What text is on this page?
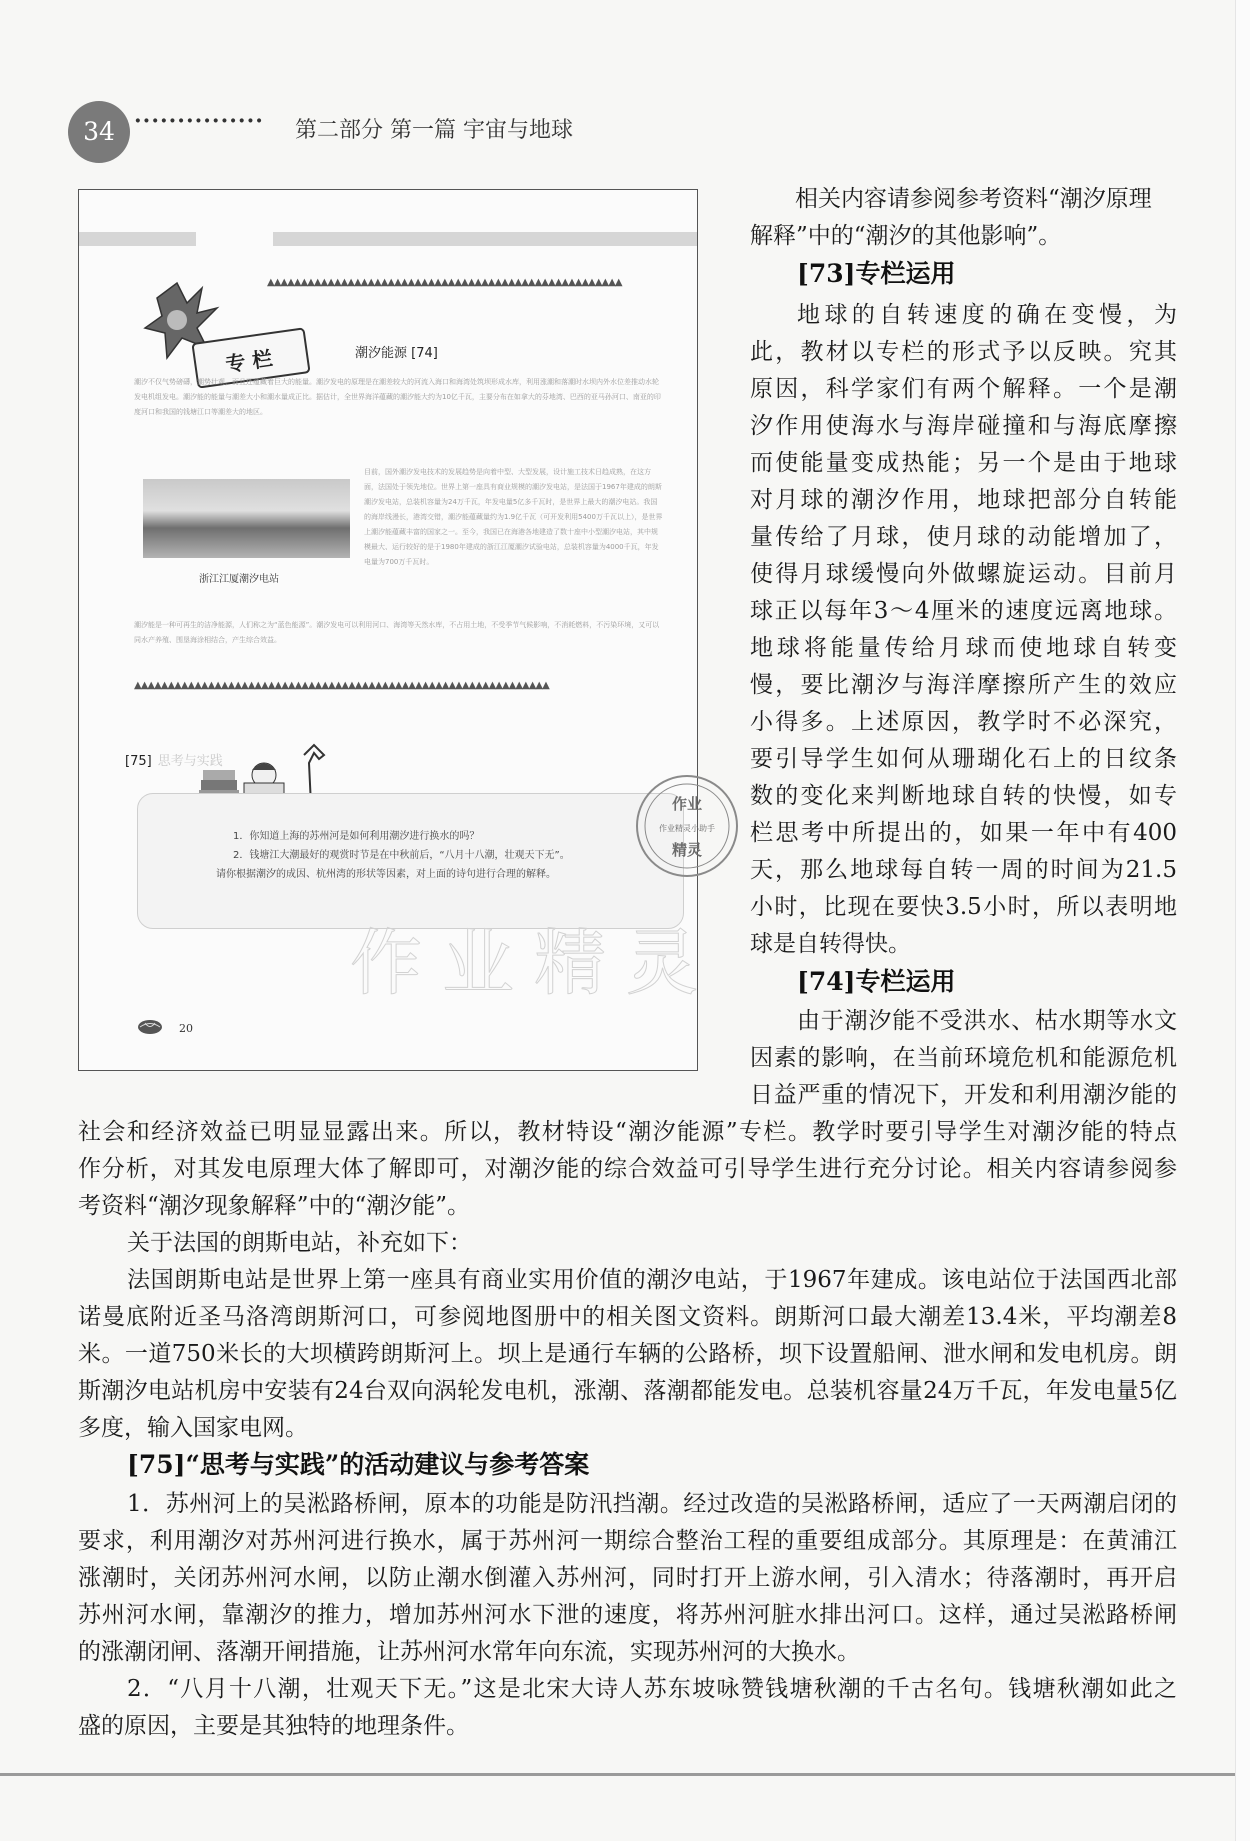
34 ··············· 第二部分 第一篇 宇宙与地球
专 栏
▲▲▲▲▲▲▲▲▲▲▲▲▲▲▲▲▲▲▲▲▲▲▲▲▲▲▲▲▲▲▲▲▲▲▲▲▲▲▲▲▲▲▲▲▲▲▲▲▲▲▲▲▲
潮汐能源 [74]
潮汐不仅气势磅礴，潮势壮观，而且还蕴藏着巨大的能量。潮汐发电的原理是在潮差较大的河流入海口和海湾处筑坝形成水库，利用涨潮和落潮时水坝内外水位差推动水轮发电机组发电。潮汐能的能量与潮差大小和潮水量成正比。据估计，全世界海洋蕴藏的潮汐能大约为10亿千瓦，主要分布在如拿大的芬地湾、巴西的亚马孙河口、南亚的印度河口和我国的钱塘江口等潮差大的地区。
目前，国外潮汐发电技术的发展趋势是向着中型、大型发展，设计施工技术日趋成熟，在这方面，法国处于领先地位。世界上第一座具有商业规模的潮汐发电站，是法国于1967年建成的朗斯潮汐发电站，总装机容量为24万千瓦，年发电量5亿多千瓦时，是世界上最大的潮汐电站。我国的海岸线漫长，港湾交错，潮汐能蕴藏量约为1.9亿千瓦（可开发利用5400万千瓦以上），是世界上潮汐能蕴藏丰富的国家之一。至今，我国已在海港各地建造了数十座中小型潮汐电站，其中规模最大、运行较好的是于1980年建成的浙江江厦潮汐试验电站，总装机容量为4000千瓦，年发电量为700万千瓦时。
浙江江厦潮汐电站
潮汐能是一种可再生的洁净能源，人们称之为“蓝色能源”。潮汐发电可以利用河口、海湾等天然水库，不占用土地，不受季节气候影响，不消耗燃料，不污染环境，又可以同水产养殖、围垦海涂相结合，产生综合效益。
▲▲▲▲▲▲▲▲▲▲▲▲▲▲▲▲▲▲▲▲▲▲▲▲▲▲▲▲▲▲▲▲▲▲▲▲▲▲▲▲▲▲▲▲▲▲▲▲▲▲▲▲▲▲▲▲▲▲▲▲▲▲
[75] 思考与实践
1．你知道上海的苏州河是如何利用潮汐进行换水的吗？
2．钱塘江大潮最好的观赏时节是在中秋前后，“八月十八潮，壮观天下无”。
请你根据潮汐的成因、杭州湾的形状等因素，对上面的诗句进行合理的解释。
20
作业
作业精灵小助手
精灵
作业精灵
相关内容请参阅参考资料“潮汐原理
解释”中的“潮汐的其他影响”。
[73]专栏运用
地球的自转速度的确在变慢，为
此，教材以专栏的形式予以反映。究其
原因，科学家们有两个解释。一个是潮
汐作用使海水与海岸碰撞和与海底摩擦
而使能量变成热能；另一个是由于地球
对月球的潮汐作用，地球把部分自转能
量传给了月球，使月球的动能增加了，
使得月球缓慢向外做螺旋运动。目前月
球正以每年3～4厘米的速度远离地球。
地球将能量传给月球而使地球自转变
慢，要比潮汐与海洋摩擦所产生的效应
小得多。上述原因，教学时不必深究，
要引导学生如何从珊瑚化石上的日纹条
数的变化来判断地球自转的快慢，如专
栏思考中所提出的，如果一年中有400
天，那么地球每自转一周的时间为21.5
小时，比现在要快3.5小时，所以表明地
球是自转得快。
[74]专栏运用
由于潮汐能不受洪水、枯水期等水文
因素的影响，在当前环境危机和能源危机
日益严重的情况下，开发和利用潮汐能的
社会和经济效益已明显显露出来。所以，教材特设“潮汐能源”专栏。教学时要引导学生对潮汐能的特点
作分析，对其发电原理大体了解即可，对潮汐能的综合效益可引导学生进行充分讨论。相关内容请参阅参
考资料“潮汐现象解释”中的“潮汐能”。
关于法国的朗斯电站，补充如下：
法国朗斯电站是世界上第一座具有商业实用价值的潮汐电站，于1967年建成。该电站位于法国西北部
诺曼底附近圣马洛湾朗斯河口，可参阅地图册中的相关图文资料。朗斯河口最大潮差13.4米，平均潮差8
米。一道750米长的大坝横跨朗斯河上。坝上是通行车辆的公路桥，坝下设置船闸、泄水闸和发电机房。朗
斯潮汐电站机房中安装有24台双向涡轮发电机，涨潮、落潮都能发电。总装机容量24万千瓦，年发电量5亿
多度，输入国家电网。
[75]“思考与实践”的活动建议与参考答案
1．苏州河上的吴淞路桥闸，原本的功能是防汛挡潮。经过改造的吴淞路桥闸，适应了一天两潮启闭的
要求，利用潮汐对苏州河进行换水，属于苏州河一期综合整治工程的重要组成部分。其原理是：在黄浦江
涨潮时，关闭苏州河水闸，以防止潮水倒灌入苏州河，同时打开上游水闸，引入清水；待落潮时，再开启
苏州河水闸，靠潮汐的推力，增加苏州河水下泄的速度，将苏州河脏水排出河口。这样，通过吴淞路桥闸
的涨潮闭闸、落潮开闸措施，让苏州河水常年向东流，实现苏州河的大换水。
2．“八月十八潮，壮观天下无。”这是北宋大诗人苏东坡咏赞钱塘秋潮的千古名句。钱塘秋潮如此之
盛的原因，主要是其独特的地理条件。
